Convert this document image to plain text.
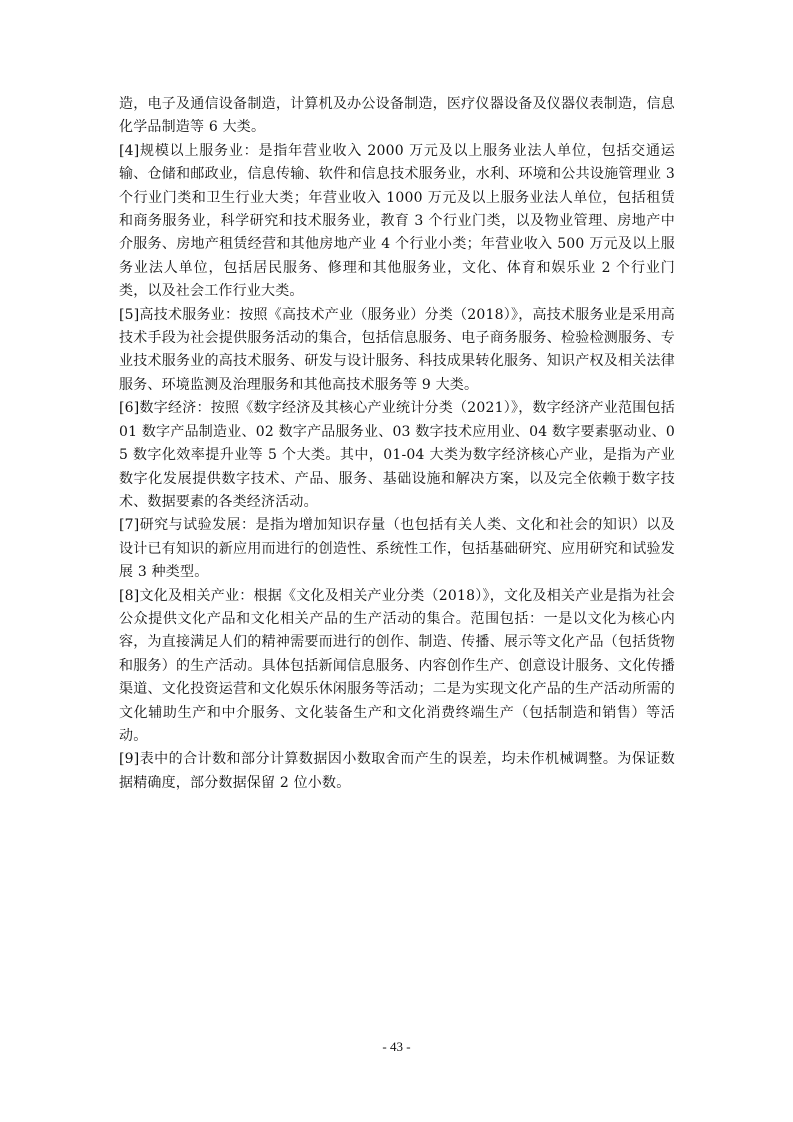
造，电子及通信设备制造，计算机及办公设备制造，医疗仪器设备及仪器仪表制造，信息化学品制造等 6 大类。

[4]规模以上服务业：是指年营业收入 2000 万元及以上服务业法人单位，包括交通运输、仓储和邮政业，信息传输、软件和信息技术服务业，水利、环境和公共设施管理业 3 个行业门类和卫生行业大类；年营业收入 1000 万元及以上服务业法人单位，包括租赁和商务服务业，科学研究和技术服务业，教育 3 个行业门类，以及物业管理、房地产中介服务、房地产租赁经营和其他房地产业 4 个行业小类；年营业收入 500 万元及以上服务业法人单位，包括居民服务、修理和其他服务业，文化、体育和娱乐业 2 个行业门类，以及社会工作行业大类。

[5]高技术服务业：按照《高技术产业（服务业）分类（2018）》，高技术服务业是采用高技术手段为社会提供服务活动的集合，包括信息服务、电子商务服务、检验检测服务、专业技术服务业的高技术服务、研发与设计服务、科技成果转化服务、知识产权及相关法律服务、环境监测及治理服务和其他高技术服务等 9 大类。

[6]数字经济：按照《数字经济及其核心产业统计分类（2021）》，数字经济产业范围包括 01 数字产品制造业、02 数字产品服务业、03 数字技术应用业、04 数字要素驱动业、05 数字化效率提升业等 5 个大类。其中，01-04 大类为数字经济核心产业，是指为产业数字化发展提供数字技术、产品、服务、基础设施和解决方案，以及完全依赖于数字技术、数据要素的各类经济活动。

[7]研究与试验发展：是指为增加知识存量（也包括有关人类、文化和社会的知识）以及设计已有知识的新应用而进行的创造性、系统性工作，包括基础研究、应用研究和试验发展 3 种类型。

[8]文化及相关产业：根据《文化及相关产业分类（2018）》，文化及相关产业是指为社会公众提供文化产品和文化相关产品的生产活动的集合。范围包括：一是以文化为核心内容，为直接满足人们的精神需要而进行的创作、制造、传播、展示等文化产品（包括货物和服务）的生产活动。具体包括新闻信息服务、内容创作生产、创意设计服务、文化传播渠道、文化投资运营和文化娱乐休闲服务等活动；二是为实现文化产品的生产活动所需的文化辅助生产和中介服务、文化装备生产和文化消费终端生产（包括制造和销售）等活动。

[9]表中的合计数和部分计算数据因小数取舍而产生的误差，均未作机械调整。为保证数据精确度，部分数据保留 2 位小数。

- 43 -
